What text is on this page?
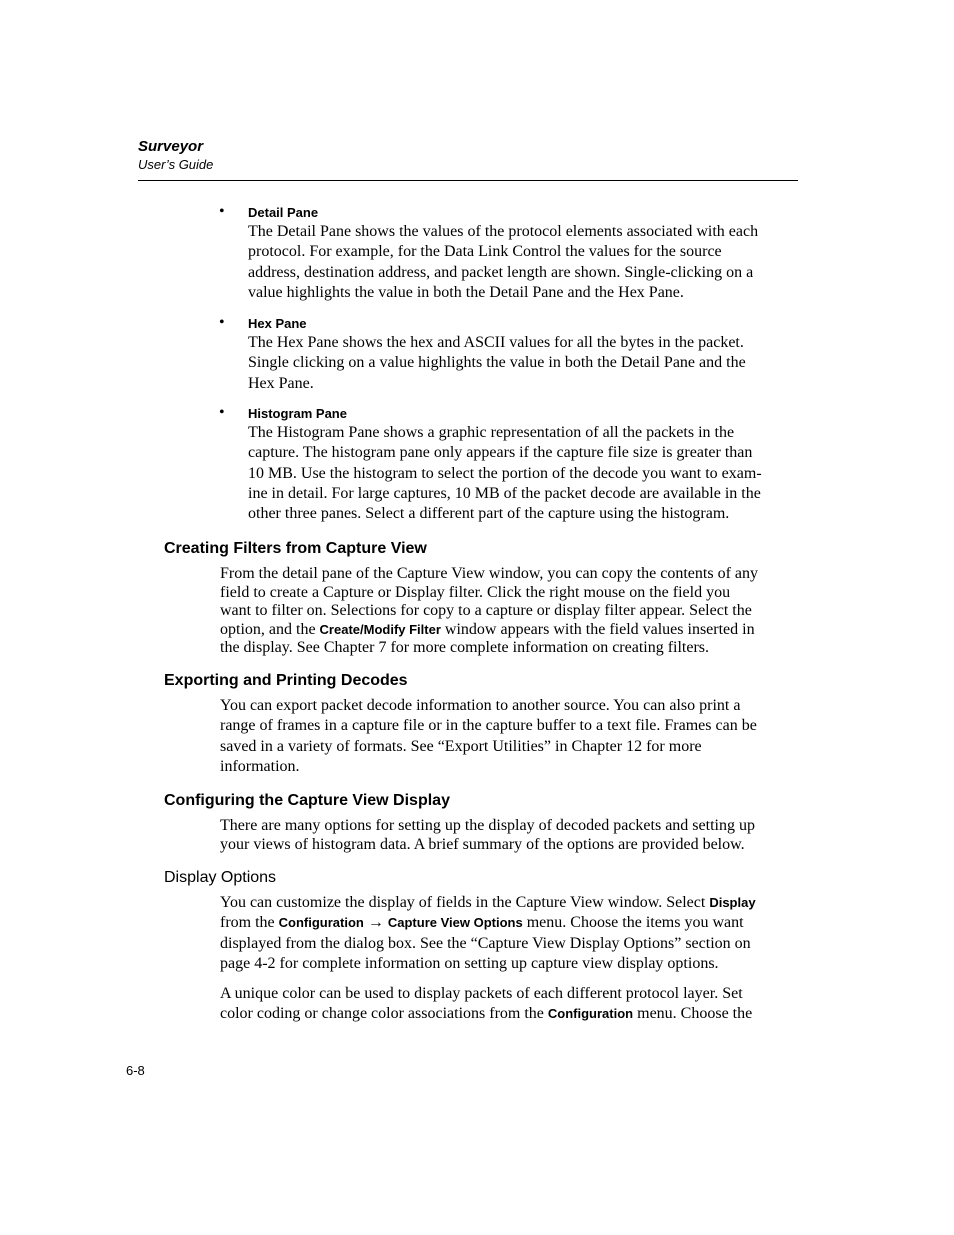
Surveyor
User’s Guide
• Detail Pane
The Detail Pane shows the values of the protocol elements associated with each
protocol. For example, for the Data Link Control the values for the source
address, destination address, and packet length are shown. Single-clicking on a
value highlights the value in both the Detail Pane and the Hex Pane.
• Hex Pane
The Hex Pane shows the hex and ASCII values for all the bytes in the packet.
Single clicking on a value highlights the value in both the Detail Pane and the
Hex Pane.
• Histogram Pane
The Histogram Pane shows a graphic representation of all the packets in the
capture. The histogram pane only appears if the capture file size is greater than
10 MB. Use the histogram to select the portion of the decode you want to exam-
ine in detail. For large captures, 10 MB of the packet decode are available in the
other three panes. Select a different part of the capture using the histogram.
Creating Filters from Capture View
From the detail pane of the Capture View window, you can copy the contents of any
field to create a Capture or Display filter. Click the right mouse on the field you
want to filter on. Selections for copy to a capture or display filter appear. Select the
option, and the Create/Modify Filter window appears with the field values inserted in
the display. See Chapter 7 for more complete information on creating filters.
Exporting and Printing Decodes
You can export packet decode information to another source. You can also print a
range of frames in a capture file or in the capture buffer to a text file. Frames can be
saved in a variety of formats. See “Export Utilities” in Chapter 12 for more
information.
Configuring the Capture View Display
There are many options for setting up the display of decoded packets and setting up
your views of histogram data. A brief summary of the options are provided below.
Display Options
You can customize the display of fields in the Capture View window. Select Display
from the Configuration → Capture View Options menu. Choose the items you want
displayed from the dialog box. See the “Capture View Display Options” section on
page 4-2 for complete information on setting up capture view display options.
A unique color can be used to display packets of each different protocol layer. Set
color coding or change color associations from the Configuration menu. Choose the
6-8
